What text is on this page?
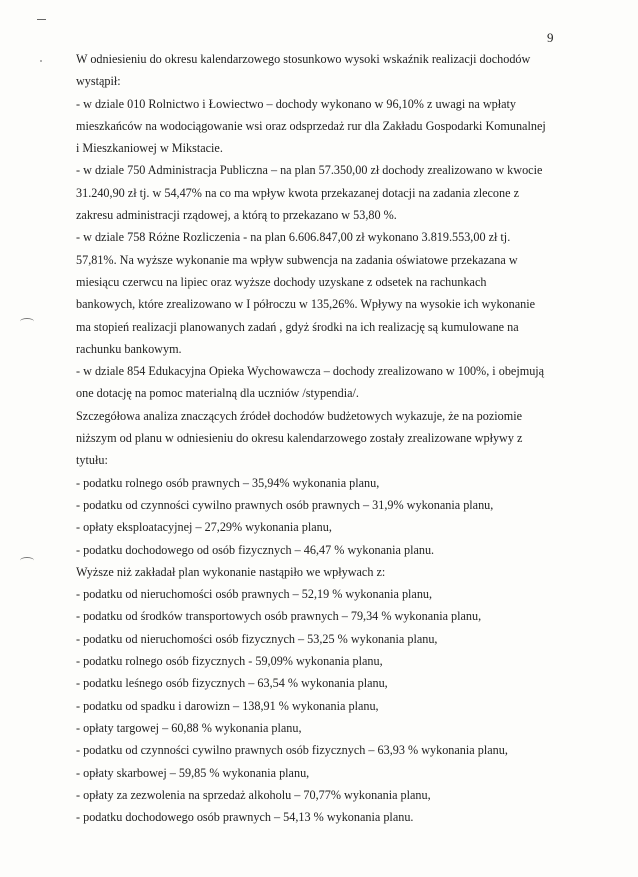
9
W odniesieniu do okresu kalendarzowego stosunkowo wysoki wskaźnik realizacji dochodów
wystąpił:
- w dziale 010 Rolnictwo i Łowiectwo – dochody wykonano w 96,10% z uwagi na wpłaty
mieszkańców na wodociągowanie wsi oraz odsprzedaż rur dla Zakładu Gospodarki Komunalnej
i Mieszkaniowej w Mikstacie.
- w dziale 750 Administracja Publiczna – na plan 57.350,00 zł dochody zrealizowano w kwocie
31.240,90 zł tj. w 54,47% na co ma wpływ kwota przekazanej dotacji na zadania zlecone z
zakresu administracji rządowej, a którą to przekazano w 53,80 %.
- w dziale 758 Różne Rozliczenia - na plan 6.606.847,00 zł wykonano 3.819.553,00 zł tj.
57,81%. Na wyższe wykonanie ma wpływ subwencja na zadania oświatowe przekazana w
miesiącu czerwcu na lipiec oraz wyższe dochody uzyskane z odsetek na rachunkach
bankowych, które zrealizowano w I półroczu w 135,26%. Wpływy na wysokie ich wykonanie
ma stopień realizacji planowanych zadań , gdyż środki na ich realizację są kumulowane na
rachunku bankowym.
- w dziale 854 Edukacyjna Opieka Wychowawcza – dochody zrealizowano w 100%, i obejmują
one dotację na pomoc materialną dla uczniów /stypendia/.
Szczegółowa analiza znaczących źródeł dochodów budżetowych wykazuje, że na poziomie
niższym od planu w odniesieniu do okresu kalendarzowego zostały zrealizowane wpływy z
tytułu:
- podatku rolnego osób prawnych – 35,94% wykonania planu,
- podatku od czynności cywilno prawnych osób prawnych – 31,9% wykonania planu,
- opłaty eksploatacyjnej – 27,29% wykonania planu,
- podatku dochodowego od osób fizycznych – 46,47 % wykonania planu.
Wyższe niż zakładał plan wykonanie nastąpiło we wpływach z:
- podatku od nieruchomości osób prawnych – 52,19 % wykonania planu,
- podatku od środków transportowych osób prawnych – 79,34 % wykonania planu,
- podatku od nieruchomości osób fizycznych – 53,25 % wykonania planu,
- podatku rolnego osób fizycznych - 59,09% wykonania planu,
- podatku leśnego osób fizycznych – 63,54 % wykonania planu,
- podatku od spadku i darowizn – 138,91 % wykonania planu,
- opłaty targowej – 60,88 % wykonania planu,
- podatku od czynności cywilno prawnych osób fizycznych – 63,93 % wykonania planu,
- opłaty skarbowej – 59,85 % wykonania planu,
- opłaty za zezwolenia na sprzedaż alkoholu – 70,77% wykonania planu,
- podatku dochodowego osób prawnych – 54,13 % wykonania planu.
